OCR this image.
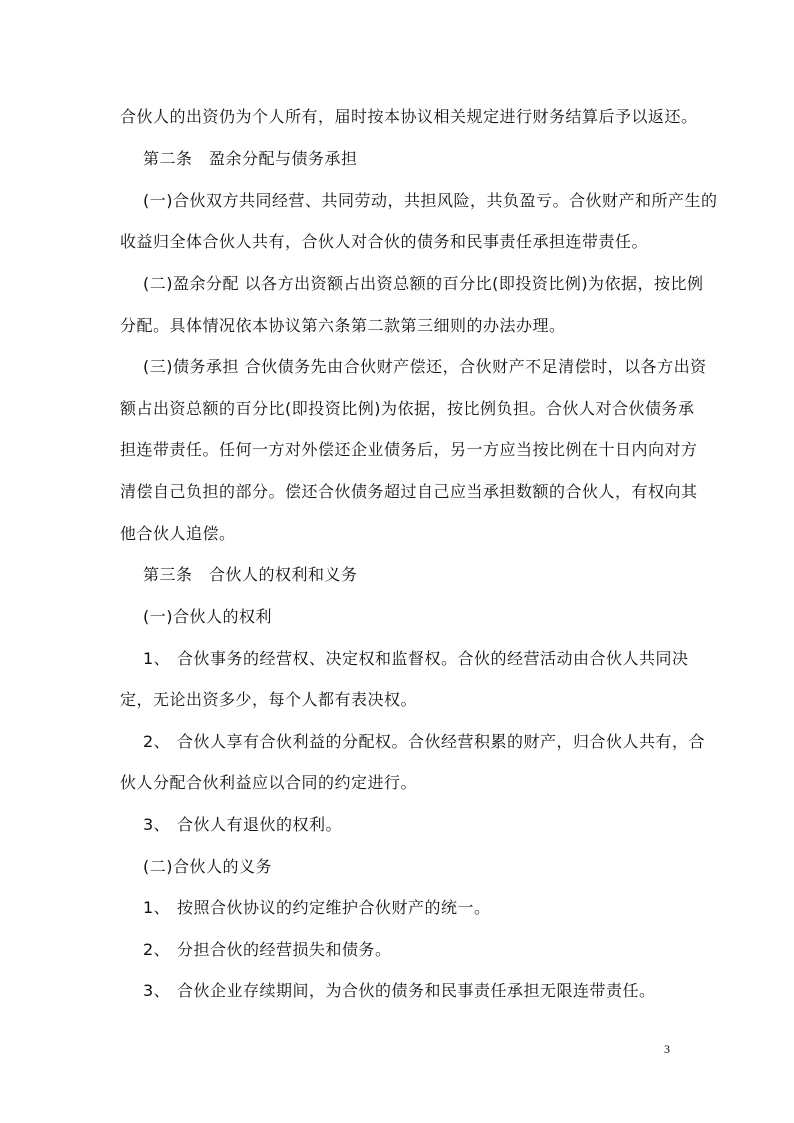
合伙人的出资仍为个人所有，届时按本协议相关规定进行财务结算后予以返还。
第二条　盈余分配与债务承担
(一)合伙双方共同经营、共同劳动，共担风险，共负盈亏。合伙财产和所产生的
收益归全体合伙人共有，合伙人对合伙的债务和民事责任承担连带责任。
(二)盈余分配 以各方出资额占出资总额的百分比(即投资比例)为依据，按比例
分配。具体情况依本协议第六条第二款第三细则的办法办理。
(三)债务承担 合伙债务先由合伙财产偿还，合伙财产不足清偿时，以各方出资
额占出资总额的百分比(即投资比例)为依据，按比例负担。合伙人对合伙债务承
担连带责任。任何一方对外偿还企业债务后，另一方应当按比例在十日内向对方
清偿自己负担的部分。偿还合伙债务超过自己应当承担数额的合伙人，有权向其
他合伙人追偿。
第三条　合伙人的权利和义务
(一)合伙人的权利
1、 合伙事务的经营权、决定权和监督权。合伙的经营活动由合伙人共同决
定，无论出资多少，每个人都有表决权。
2、 合伙人享有合伙利益的分配权。合伙经营积累的财产，归合伙人共有，合
伙人分配合伙利益应以合同的约定进行。
3、 合伙人有退伙的权利。
(二)合伙人的义务
1、 按照合伙协议的约定维护合伙财产的统一。
2、 分担合伙的经营损失和债务。
3、 合伙企业存续期间，为合伙的债务和民事责任承担无限连带责任。
3
